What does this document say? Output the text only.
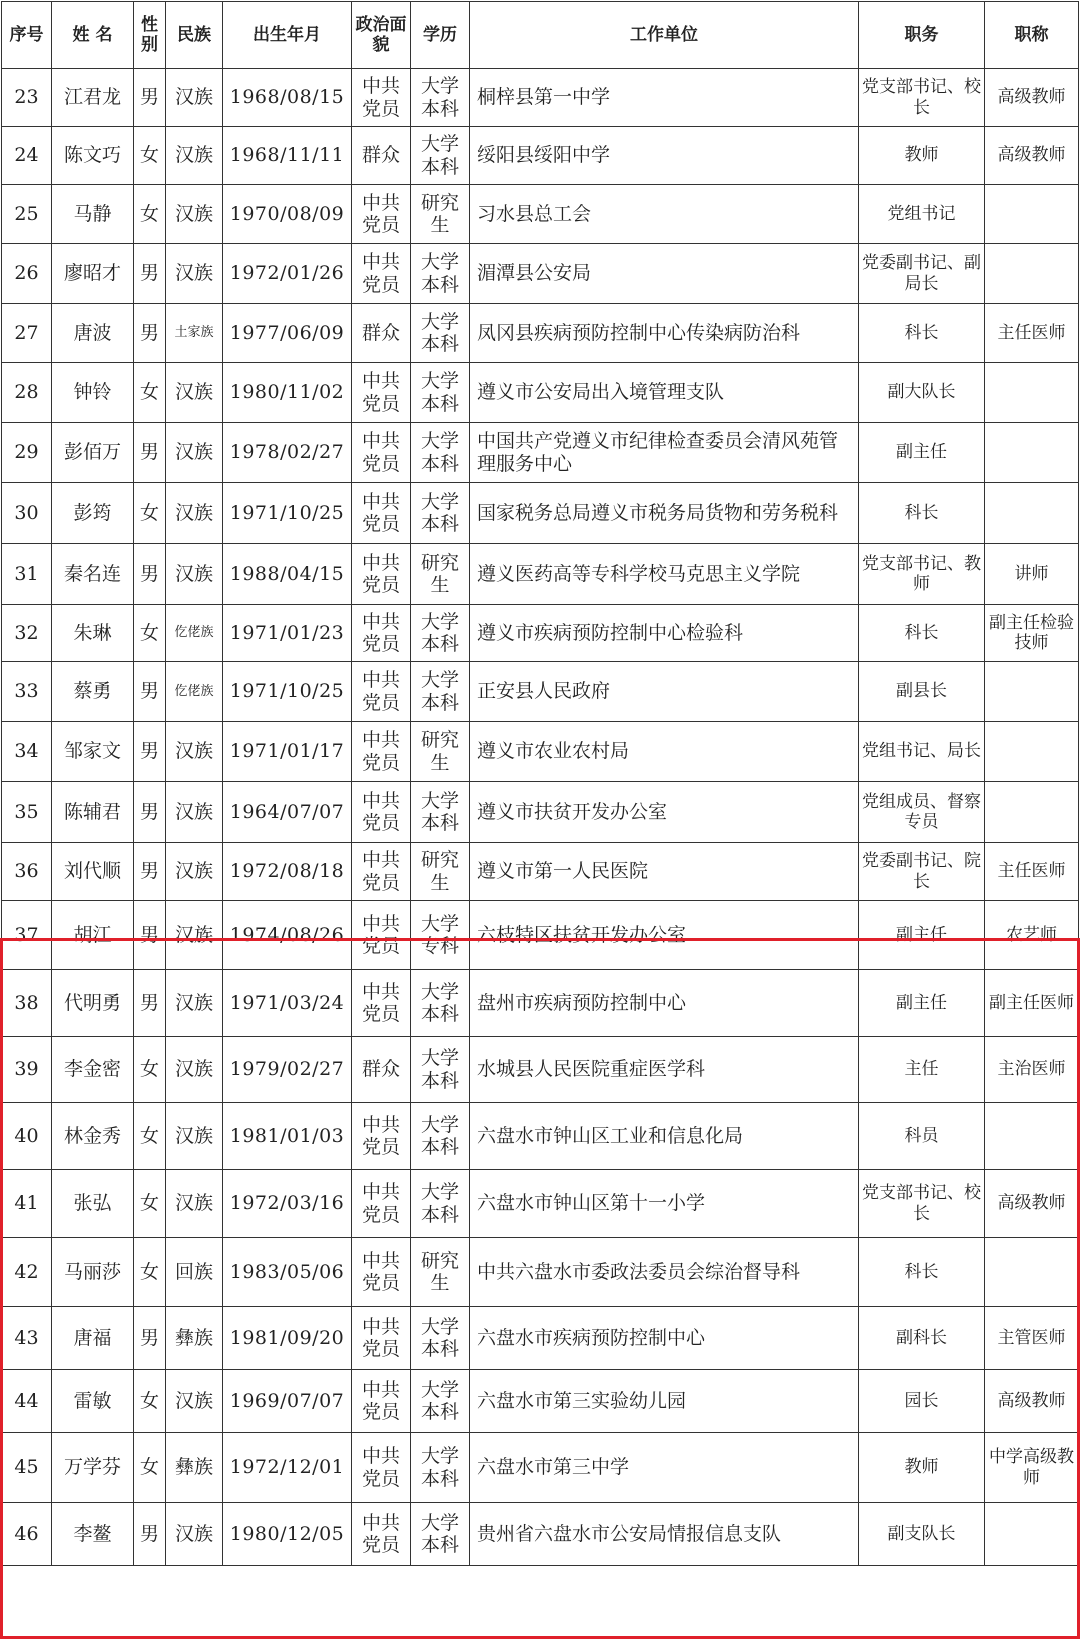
序号	姓 名	性别	民族	出生年月	政治面貌	学历	工作单位	职务	职称
23	江君龙	男	汉族	1968/08/15	中共党员	大学本科	桐梓县第一中学	党支部书记、校长	高级教师
24	陈文巧	女	汉族	1968/11/11	群众	大学本科	绥阳县绥阳中学	教师	高级教师
25	马静	女	汉族	1970/08/09	中共党员	研究生	习水县总工会	党组书记	
26	廖昭才	男	汉族	1972/01/26	中共党员	大学本科	湄潭县公安局	党委副书记、副局长	
27	唐波	男	土家族	1977/06/09	群众	大学本科	凤冈县疾病预防控制中心传染病防治科	科长	主任医师
28	钟铃	女	汉族	1980/11/02	中共党员	大学本科	遵义市公安局出入境管理支队	副大队长	
29	彭佰万	男	汉族	1978/02/27	中共党员	大学本科	中国共产党遵义市纪律检查委员会清风苑管理服务中心	副主任	
30	彭筠	女	汉族	1971/10/25	中共党员	大学本科	国家税务总局遵义市税务局货物和劳务税科	科长	
31	秦名连	男	汉族	1988/04/15	中共党员	研究生	遵义医药高等专科学校马克思主义学院	党支部书记、教师	讲师
32	朱琳	女	仡佬族	1971/01/23	中共党员	大学本科	遵义市疾病预防控制中心检验科	科长	副主任检验技师
33	蔡勇	男	仡佬族	1971/10/25	中共党员	大学本科	正安县人民政府	副县长	
34	邹家文	男	汉族	1971/01/17	中共党员	研究生	遵义市农业农村局	党组书记、局长	
35	陈辅君	男	汉族	1964/07/07	中共党员	大学本科	遵义市扶贫开发办公室	党组成员、督察专员	
36	刘代顺	男	汉族	1972/08/18	中共党员	研究生	遵义市第一人民医院	党委副书记、院长	主任医师
37	胡江	男	汉族	1974/08/26	中共党员	大学专科	六枝特区扶贫开发办公室	副主任	农艺师
38	代明勇	男	汉族	1971/03/24	中共党员	大学本科	盘州市疾病预防控制中心	副主任	副主任医师
39	李金密	女	汉族	1979/02/27	群众	大学本科	水城县人民医院重症医学科	主任	主治医师
40	林金秀	女	汉族	1981/01/03	中共党员	大学本科	六盘水市钟山区工业和信息化局	科员	
41	张弘	女	汉族	1972/03/16	中共党员	大学本科	六盘水市钟山区第十一小学	党支部书记、校长	高级教师
42	马丽莎	女	回族	1983/05/06	中共党员	研究生	中共六盘水市委政法委员会综治督导科	科长	
43	唐福	男	彝族	1981/09/20	中共党员	大学本科	六盘水市疾病预防控制中心	副科长	主管医师
44	雷敏	女	汉族	1969/07/07	中共党员	大学本科	六盘水市第三实验幼儿园	园长	高级教师
45	万学芬	女	彝族	1972/12/01	中共党员	大学本科	六盘水市第三中学	教师	中学高级教师
46	李鳌	男	汉族	1980/12/05	中共党员	大学本科	贵州省六盘水市公安局情报信息支队	副支队长	
